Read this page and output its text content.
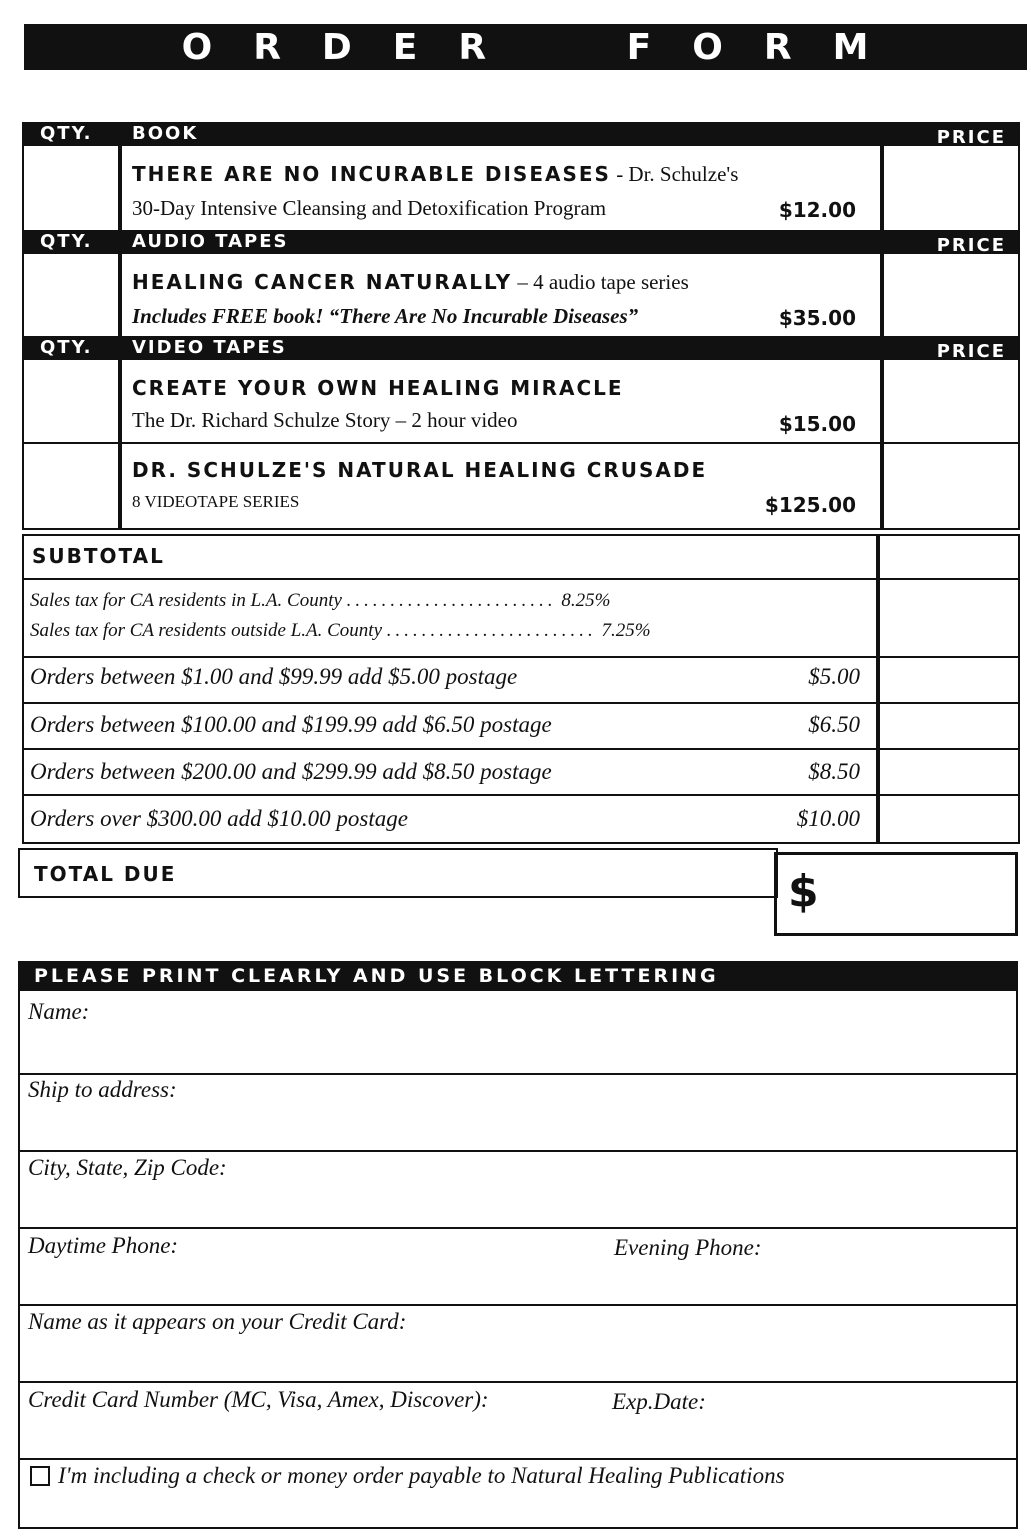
ORDER FORM
QTY. BOOK	PRICE
THERE ARE NO INCURABLE DISEASES - Dr. Schulze's
30-Day Intensive Cleansing and Detoxification Program	$12.00
QTY. AUDIO TAPES	PRICE
HEALING CANCER NATURALLY – 4 audio tape series
Includes FREE book! “There Are No Incurable Diseases”	$35.00
QTY. VIDEO TAPES	PRICE
CREATE YOUR OWN HEALING MIRACLE
The Dr. Richard Schulze Story – 2 hour video	$15.00
DR. SCHULZE'S NATURAL HEALING CRUSADE
8 VIDEOTAPE SERIES	$125.00
SUBTOTAL
Sales tax for CA residents in L.A. County ........................ 8.25%
Sales tax for CA residents outside L.A. County ........................ 7.25%
Orders between $1.00 and $99.99 add $5.00 postage	$5.00
Orders between $100.00 and $199.99 add $6.50 postage	$6.50
Orders between $200.00 and $299.99 add $8.50 postage	$8.50
Orders over $300.00 add $10.00 postage	$10.00
TOTAL DUE	$
PLEASE PRINT CLEARLY AND USE BLOCK LETTERING
Name:
Ship to address:
City, State, Zip Code:
Daytime Phone:	Evening Phone:
Name as it appears on your Credit Card:
Credit Card Number (MC, Visa, Amex, Discover):	Exp.Date:
I'm including a check or money order payable to Natural Healing Publications
